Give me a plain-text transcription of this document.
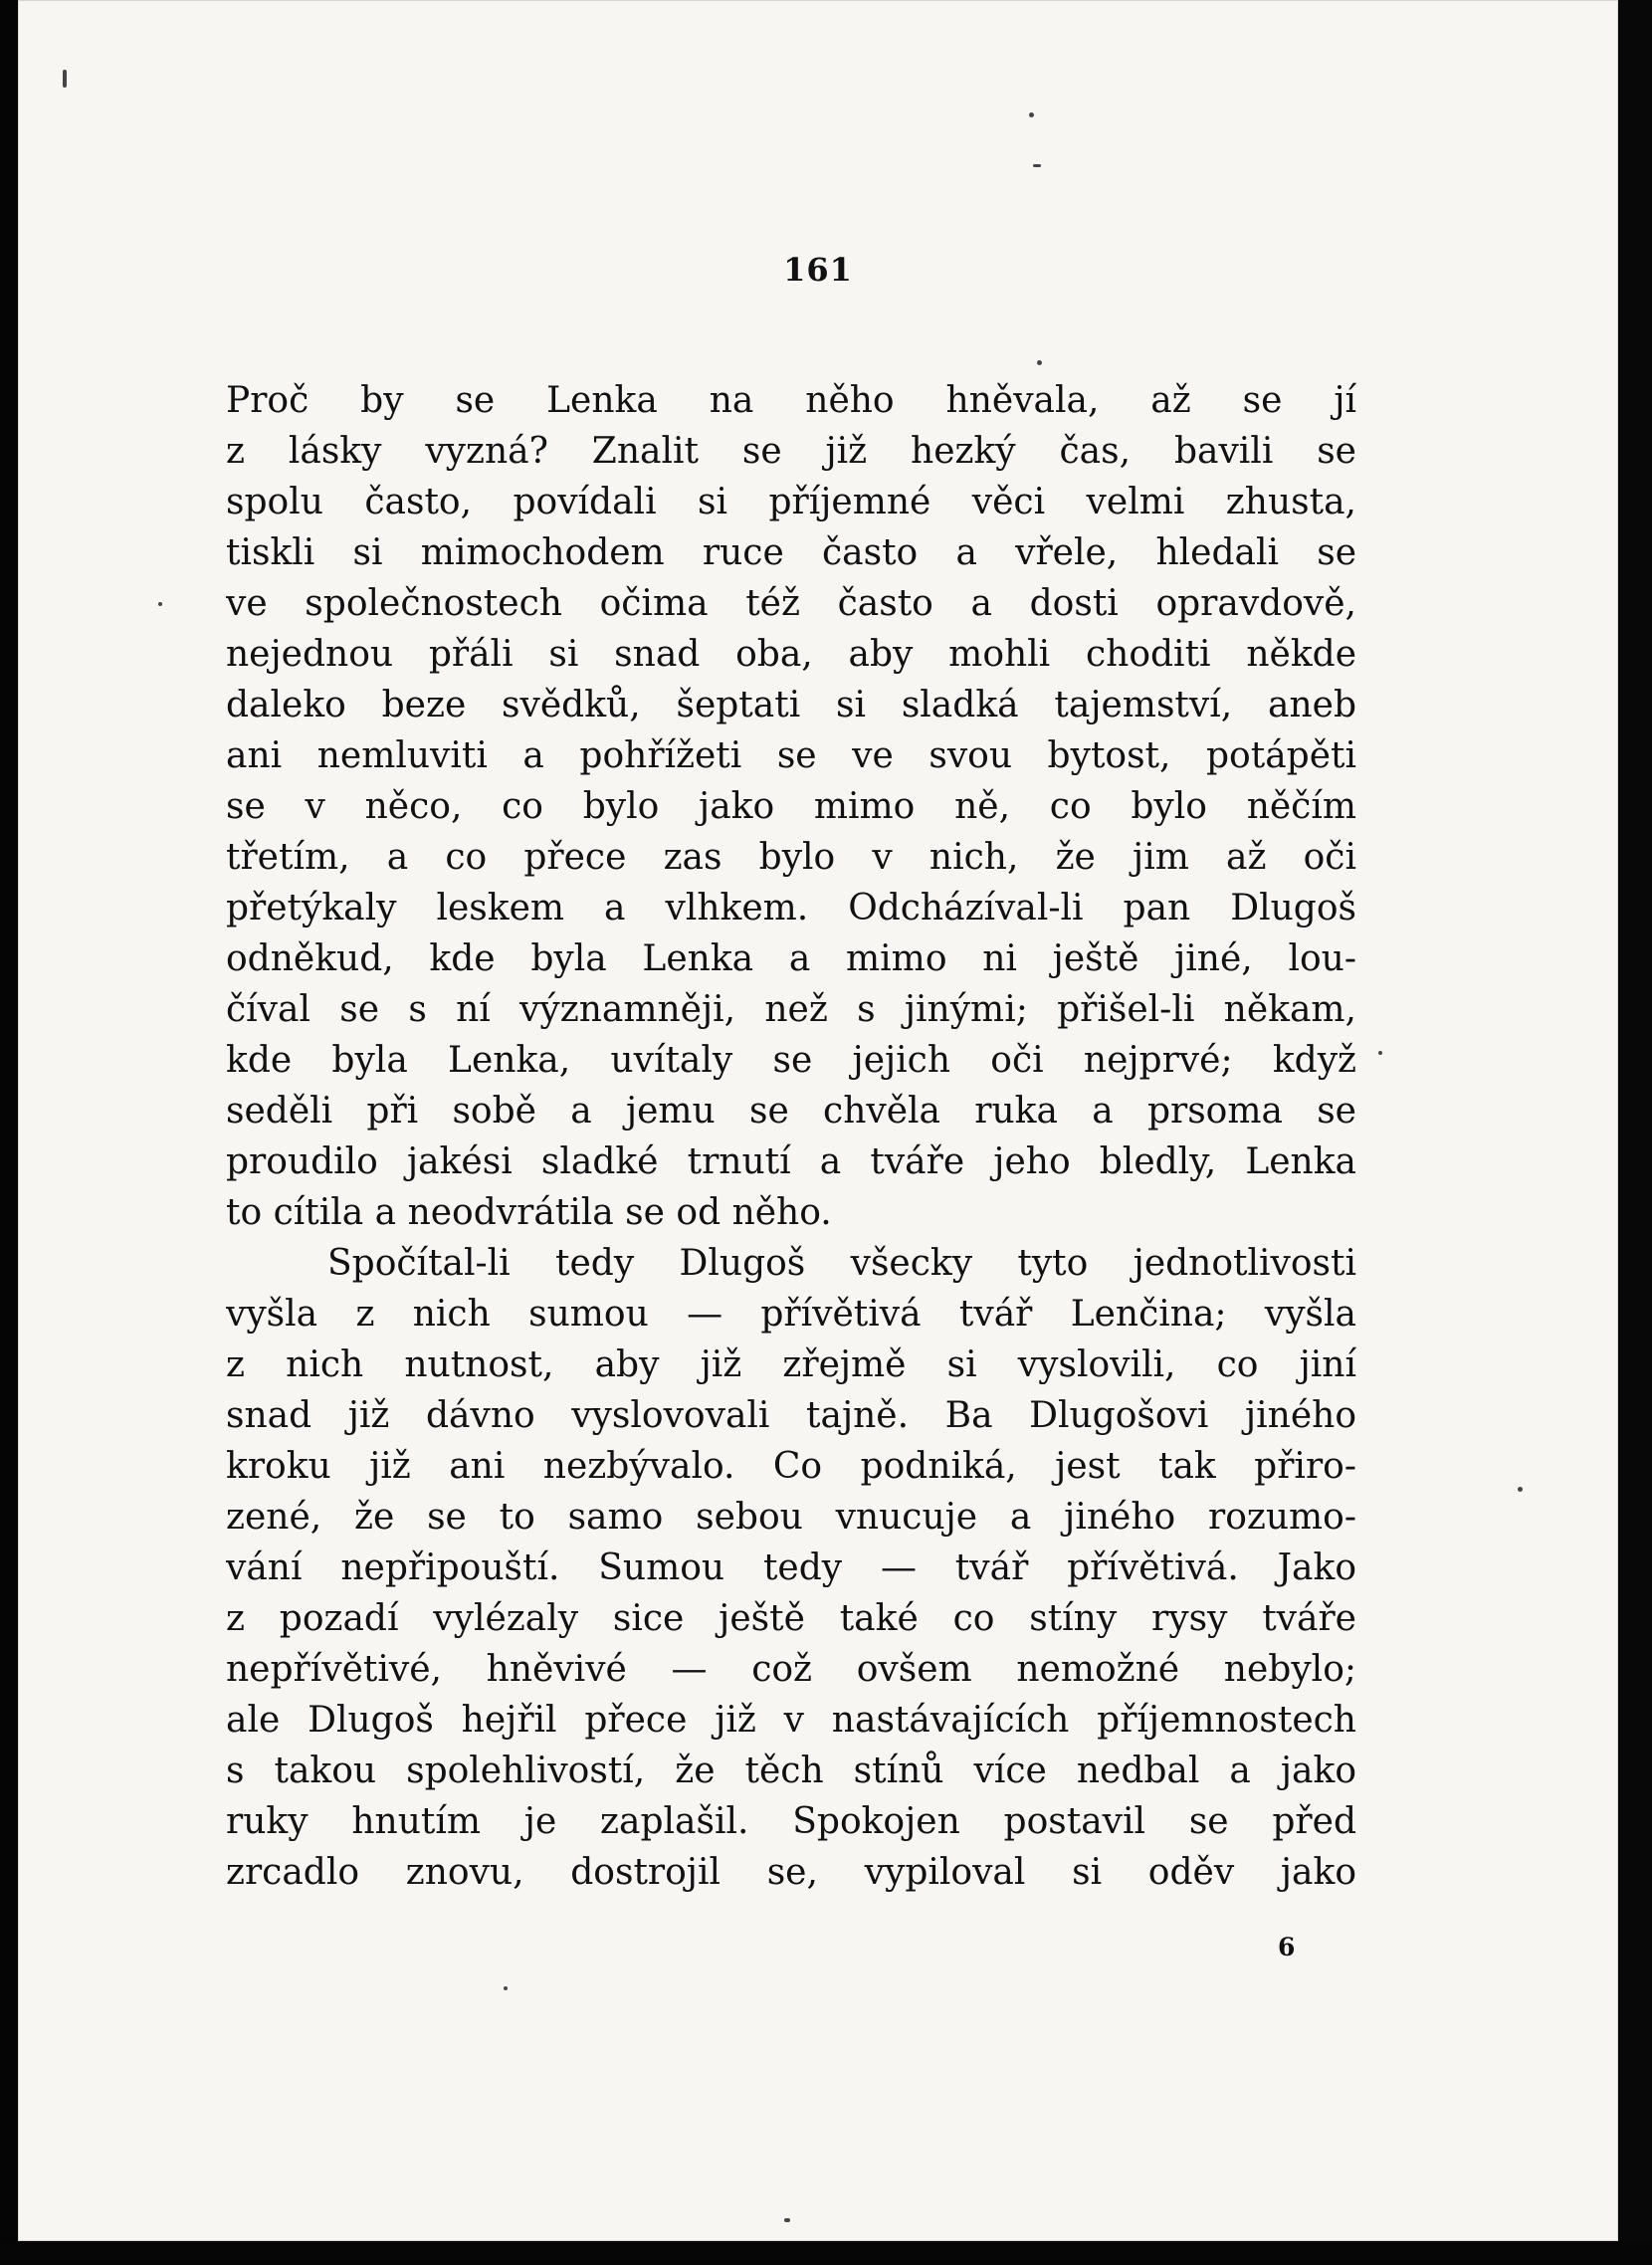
161
Proč by se Lenka na něho hněvala, až se jí
z lásky vyzná? Znalit se již hezký čas, bavili se
spolu často, povídali si příjemné věci velmi zhusta,
tiskli si mimochodem ruce často a vřele, hledali se
ve společnostech očima též často a dosti opravdově,
nejednou přáli si snad oba, aby mohli choditi někde
daleko beze svědků, šeptati si sladká tajemství, aneb
ani nemluviti a pohřížeti se ve svou bytost, potápěti
se v něco, co bylo jako mimo ně, co bylo něčím
třetím, a co přece zas bylo v nich, že jim až oči
přetýkaly leskem a vlhkem. Odcházíval-li pan Dlugoš
odněkud, kde byla Lenka a mimo ni ještě jiné, lou-
číval se s ní významněji, než s jinými; přišel-li někam,
kde byla Lenka, uvítaly se jejich oči nejprvé; když
seděli při sobě a jemu se chvěla ruka a prsoma se
proudilo jakési sladké trnutí a tváře jeho bledly, Lenka
to cítila a neodvrátila se od něho.
Spočítal-li tedy Dlugoš všecky tyto jednotlivosti
vyšla z nich sumou — přívětivá tvář Lenčina; vyšla
z nich nutnost, aby již zřejmě si vyslovili, co jiní
snad již dávno vyslovovali tajně. Ba Dlugošovi jiného
kroku již ani nezbývalo. Co podniká, jest tak přiro-
zené, že se to samo sebou vnucuje a jiného rozumo-
vání nepřipouští. Sumou tedy — tvář přívětivá. Jako
z pozadí vylézaly sice ještě také co stíny rysy tváře
nepřívětivé, hněvivé — což ovšem nemožné nebylo;
ale Dlugoš hejřil přece již v nastávajících příjemnostech
s takou spolehlivostí, že těch stínů více nedbal a jako
ruky hnutím je zaplašil. Spokojen postavil se před
zrcadlo znovu, dostrojil se, vypiloval si oděv jako
6
